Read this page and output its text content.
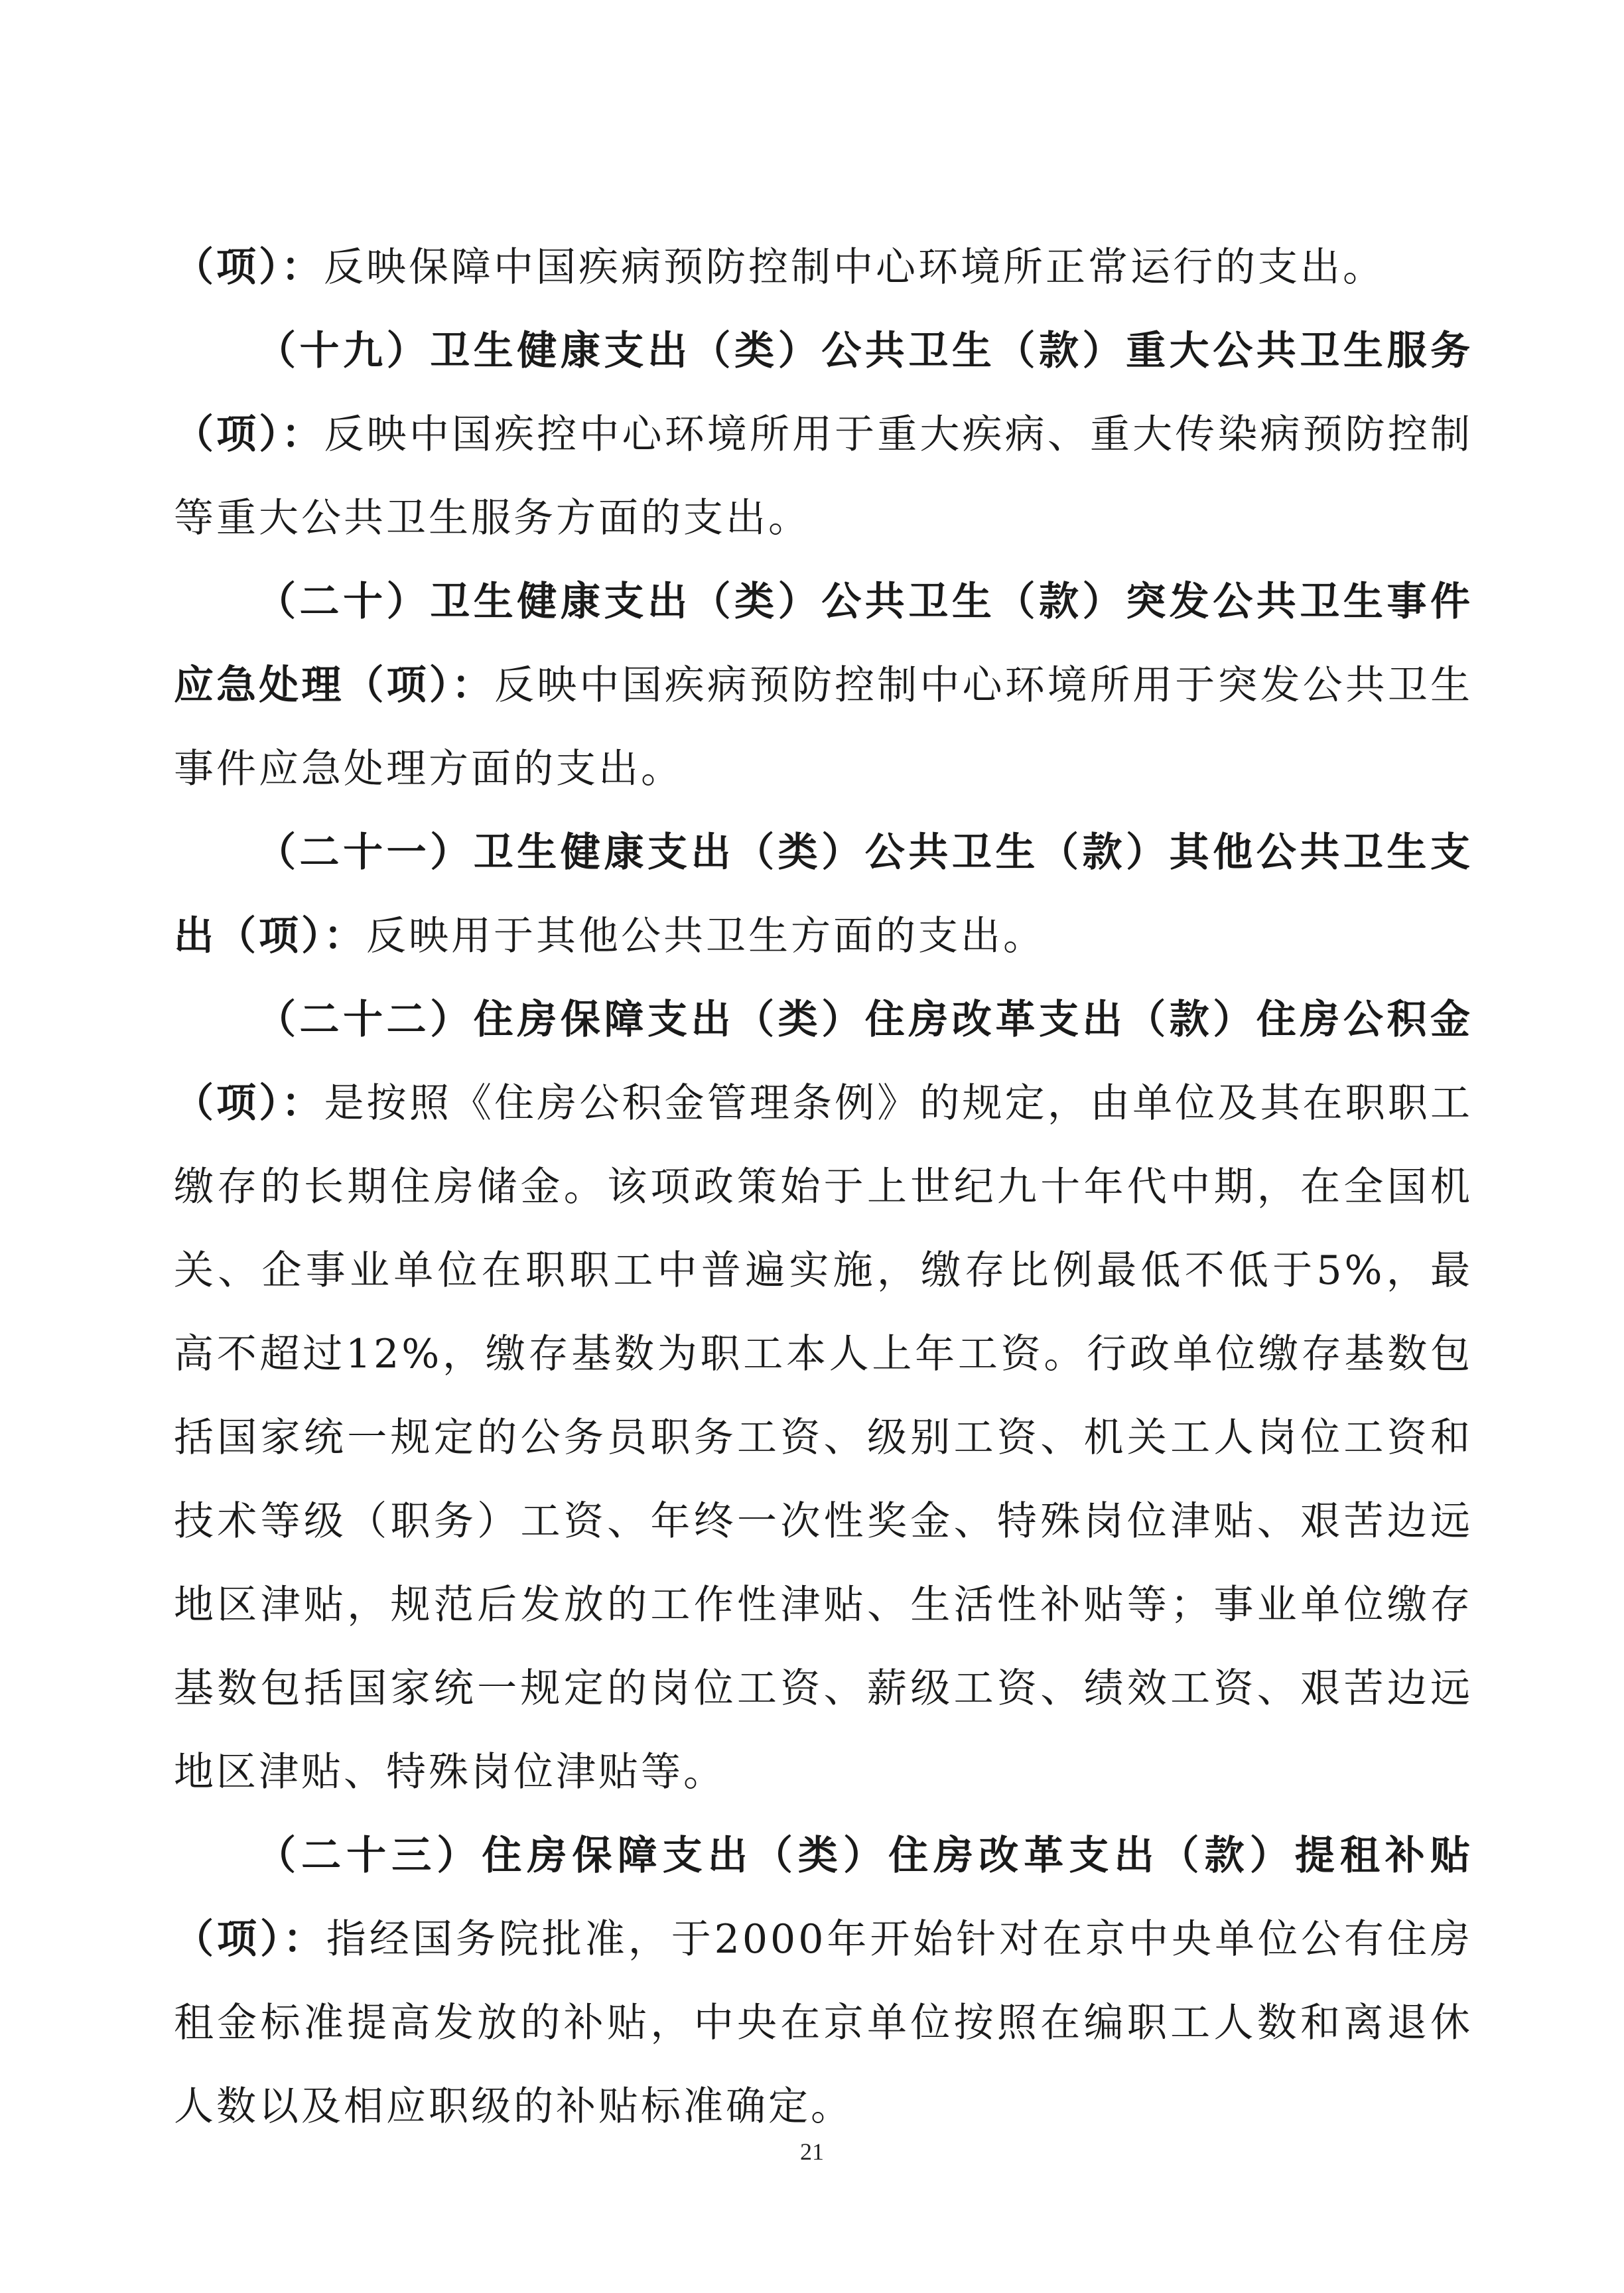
（项）：反映保障中国疾病预防控制中心环境所正常运行的支出。

（十九）卫生健康支出（类）公共卫生（款）重大公共卫生服务（项）：反映中国疾控中心环境所用于重大疾病、重大传染病预防控制等重大公共卫生服务方面的支出。

（二十）卫生健康支出（类）公共卫生（款）突发公共卫生事件应急处理（项）：反映中国疾病预防控制中心环境所用于突发公共卫生事件应急处理方面的支出。

（二十一）卫生健康支出（类）公共卫生（款）其他公共卫生支出（项）：反映用于其他公共卫生方面的支出。

（二十二）住房保障支出（类）住房改革支出（款）住房公积金（项）：是按照《住房公积金管理条例》的规定，由单位及其在职职工缴存的长期住房储金。该项政策始于上世纪九十年代中期，在全国机关、企事业单位在职职工中普遍实施，缴存比例最低不低于5%，最高不超过12%，缴存基数为职工本人上年工资。行政单位缴存基数包括国家统一规定的公务员职务工资、级别工资、机关工人岗位工资和技术等级（职务）工资、年终一次性奖金、特殊岗位津贴、艰苦边远地区津贴，规范后发放的工作性津贴、生活性补贴等；事业单位缴存基数包括国家统一规定的岗位工资、薪级工资、绩效工资、艰苦边远地区津贴、特殊岗位津贴等。

（二十三）住房保障支出（类）住房改革支出（款）提租补贴（项）：指经国务院批准，于2000年开始针对在京中央单位公有住房租金标准提高发放的补贴，中央在京单位按照在编职工人数和离退休人数以及相应职级的补贴标准确定。

21
